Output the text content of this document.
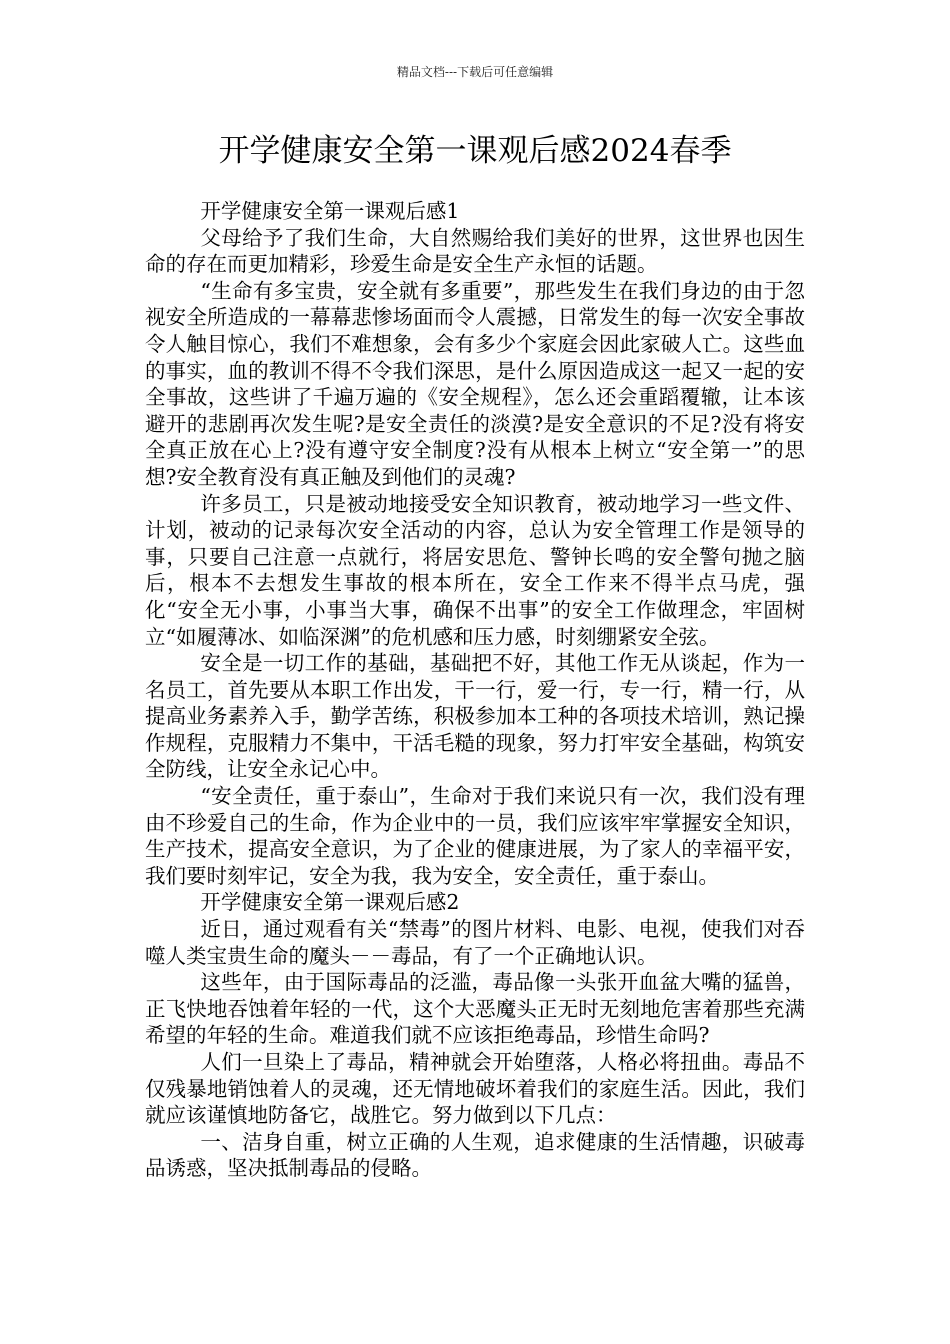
精品文档---下载后可任意编辑
开学健康安全第一课观后感2024春季

开学健康安全第一课观后感1

父母给予了我们生命，大自然赐给我们美好的世界，这世界也因生命的存在而更加精彩，珍爱生命是安全生产永恒的话题。

“生命有多宝贵，安全就有多重要”，那些发生在我们身边的由于忽视安全所造成的一幕幕悲惨场面而令人震撼，日常发生的每一次安全事故令人触目惊心，我们不难想象，会有多少个家庭会因此家破人亡。这些血的事实，血的教训不得不令我们深思，是什么原因造成这一起又一起的安全事故，这些讲了千遍万遍的《安全规程》，怎么还会重蹈覆辙，让本该避开的悲剧再次发生呢?是安全责任的淡漠?是安全意识的不足?没有将安全真正放在心上?没有遵守安全制度?没有从根本上树立“安全第一”的思想?安全教育没有真正触及到他们的灵魂?

许多员工，只是被动地接受安全知识教育，被动地学习一些文件、计划，被动的记录每次安全活动的内容，总认为安全管理工作是领导的事，只要自己注意一点就行，将居安思危、警钟长鸣的安全警句抛之脑后，根本不去想发生事故的根本所在，安全工作来不得半点马虎，强化“安全无小事，小事当大事，确保不出事”的安全工作做理念，牢固树立“如履薄冰、如临深渊”的危机感和压力感，时刻绷紧安全弦。

安全是一切工作的基础，基础把不好，其他工作无从谈起，作为一名员工，首先要从本职工作出发，干一行，爱一行，专一行，精一行，从提高业务素养入手，勤学苦练，积极参加本工种的各项技术培训，熟记操作规程，克服精力不集中，干活毛糙的现象，努力打牢安全基础，构筑安全防线，让安全永记心中。

“安全责任，重于泰山”，生命对于我们来说只有一次，我们没有理由不珍爱自己的生命，作为企业中的一员，我们应该牢牢掌握安全知识，生产技术，提高安全意识，为了企业的健康进展，为了家人的幸福平安，我们要时刻牢记，安全为我，我为安全，安全责任，重于泰山。

开学健康安全第一课观后感2

近日，通过观看有关“禁毒”的图片材料、电影、电视，使我们对吞噬人类宝贵生命的魔头－－毒品，有了一个正确地认识。

这些年，由于国际毒品的泛滥，毒品像一头张开血盆大嘴的猛兽，正飞快地吞蚀着年轻的一代，这个大恶魔头正无时无刻地危害着那些充满希望的年轻的生命。难道我们就不应该拒绝毒品，珍惜生命吗?

人们一旦染上了毒品，精神就会开始堕落，人格必将扭曲。毒品不仅残暴地销蚀着人的灵魂，还无情地破坏着我们的家庭生活。因此，我们就应该谨慎地防备它，战胜它。努力做到以下几点：

一、洁身自重，树立正确的人生观，追求健康的生活情趣，识破毒品诱惑，坚决抵制毒品的侵略。
